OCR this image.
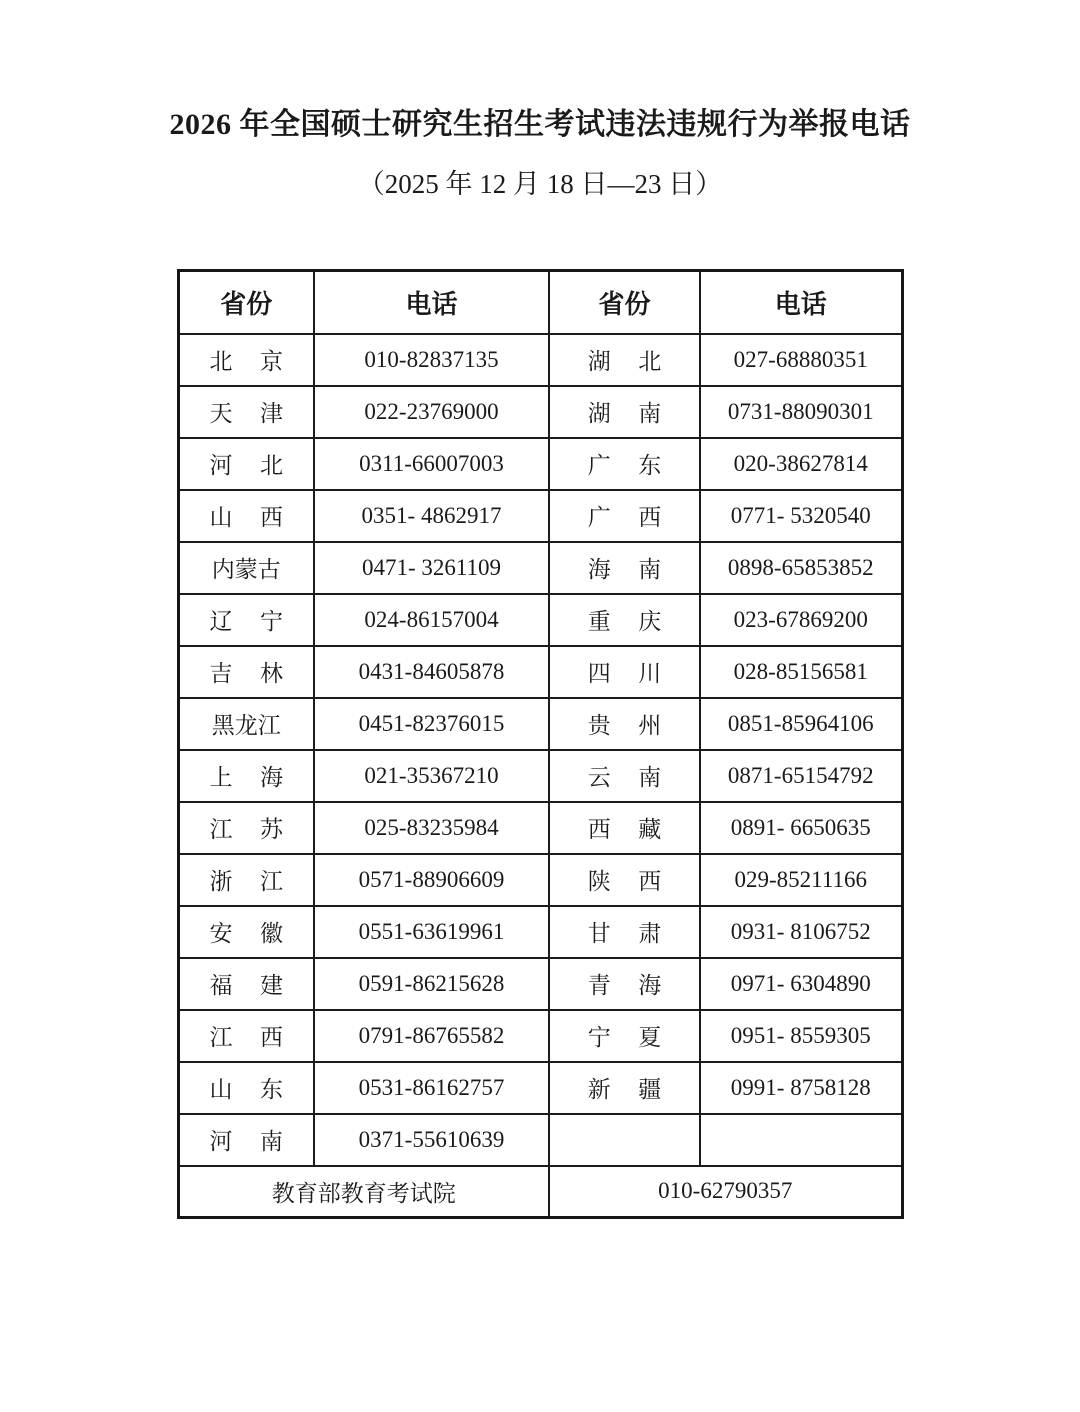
2026 年全国硕士研究生招生考试违法违规行为举报电话
（2025 年 12 月 18 日—23 日）
省份	电话	省份	电话
北 京	010-82837135	湖 北	027-68880351
天 津	022-23769000	湖 南	0731-88090301
河 北	0311-66007003	广 东	020-38627814
山 西	0351- 4862917	广 西	0771- 5320540
内蒙古	0471- 3261109	海 南	0898-65853852
辽 宁	024-86157004	重 庆	023-67869200
吉 林	0431-84605878	四 川	028-85156581
黑龙江	0451-82376015	贵 州	0851-85964106
上 海	021-35367210	云 南	0871-65154792
江 苏	025-83235984	西 藏	0891- 6650635
浙 江	0571-88906609	陕 西	029-85211166
安 徽	0551-63619961	甘 肃	0931- 8106752
福 建	0591-86215628	青 海	0971- 6304890
江 西	0791-86765582	宁 夏	0951- 8559305
山 东	0531-86162757	新 疆	0991- 8758128
河 南	0371-55610639		
教育部教育考试院		010-62790357	
